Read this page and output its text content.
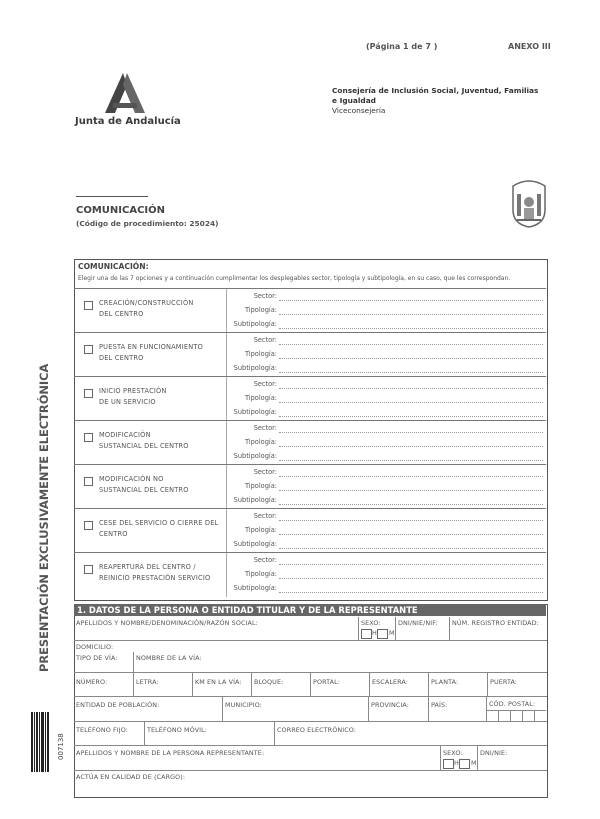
(Página 1 de 7 )	ANEXO III
Junta de Andalucía
Consejería de Inclusión Social, Juventud, Familias e Igualdad
Viceconsejería
COMUNICACIÓN
(Código de procedimiento: 25024)
PRESENTACIÓN EXCLUSIVAMENTE ELECTRÓNICA
007138
COMUNICACIÓN:
Elegir una de las 7 opciones y a continuación cumplimentar los desplegables sector, tipología y subtipología, en su caso, que les correspondan.
CREACIÓN/CONSTRUCCIÓN
DEL CENTRO
Sector:
Tipología:
Subtipología:
PUESTA EN FUNCIONAMIENTO
DEL CENTRO
Sector:
Tipología:
Subtipología:
INICIO PRESTACIÓN
DE UN SERVICIO
Sector:
Tipología:
Subtipología:
MODIFICACIÓN
SUSTANCIAL DEL CENTRO
Sector:
Tipología:
Subtipología:
MODIFICACIÓN NO
SUSTANCIAL DEL CENTRO
Sector:
Tipología:
Subtipología:
CESE DEL SERVICIO O CIERRE DEL
CENTRO
Sector:
Tipología:
Subtipología:
REAPERTURA DEL CENTRO /
REINICIO PRESTACIÓN SERVICIO
Sector:
Tipología:
Subtipología:
1. DATOS DE LA PERSONA O ENTIDAD TITULAR Y DE LA REPRESENTANTE
APELLIDOS Y NOMBRE/DENOMINACIÓN/RAZÓN SOCIAL:	SEXO:
H M
DNI/NIE/NIF: NÚM. REGISTRO ENTIDAD:
DOMICILIO:
TIPO DE VÍA:	NOMBRE DE LA VÍA:
NÚMERO:	LETRA:	KM EN LA VÍA: BLOQUE:	PORTAL:	ESCALERA:	PLANTA:	PUERTA:
ENTIDAD DE POBLACIÓN:	MUNICIPIO:	PROVINCIA:	PAÍS:	CÓD. POSTAL:
TELÉFONO FIJO:	TELÉFONO MÓVIL:	CORREO ELECTRÓNICO:
APELLIDOS Y NOMBRE DE LA PERSONA REPRESENTANTE:	SEXO:
H M
DNI/NIE:
ACTÚA EN CALIDAD DE (CARGO):
